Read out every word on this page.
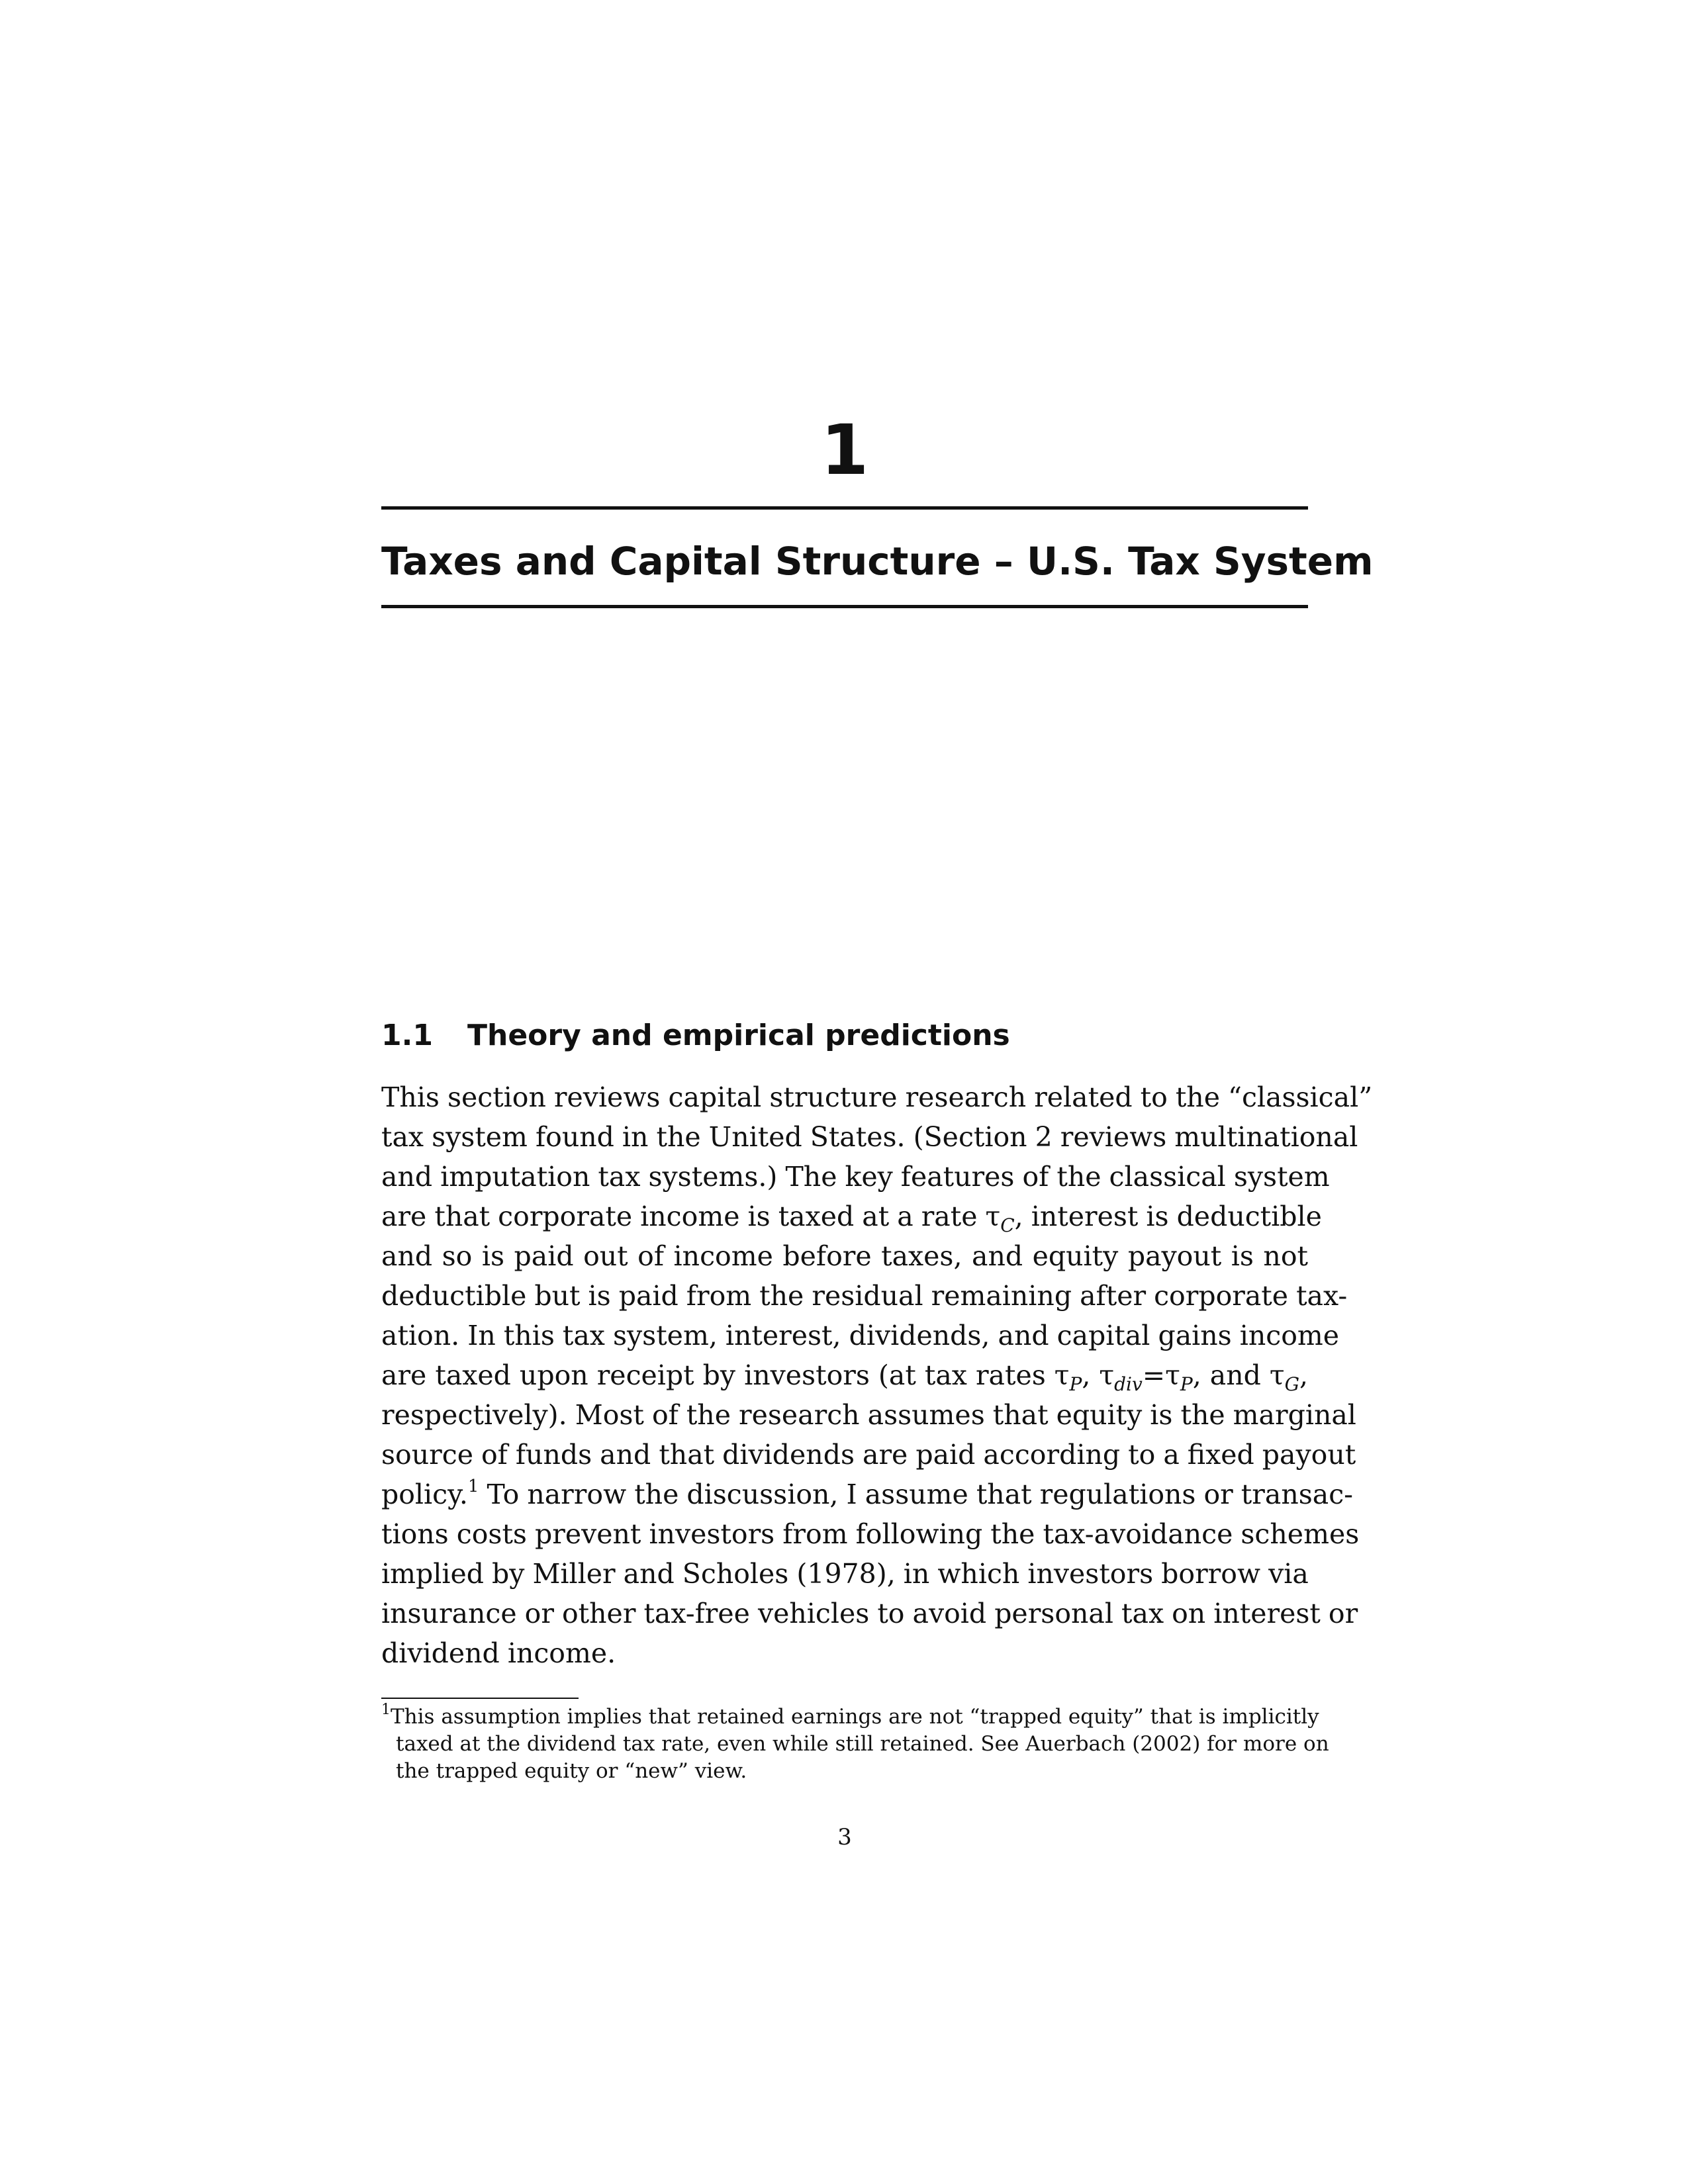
1
Taxes and Capital Structure – U.S. Tax System
1.1 Theory and empirical predictions
This section reviews capital structure research related to the “classical”
tax system found in the United States. (Section 2 reviews multinational
and imputation tax systems.) The key features of the classical system
are that corporate income is taxed at a rate $\tau_C$, interest is deductible
and so is paid out of income before taxes, and equity payout is not
deductible but is paid from the residual remaining after corporate tax-
ation. In this tax system, interest, dividends, and capital gains income
are taxed upon receipt by investors (at tax rates $\tau_P$, $\tau_{div}=\tau_P$, and $\tau_G$,
respectively). Most of the research assumes that equity is the marginal
source of funds and that dividends are paid according to a fixed payout
policy.$^1$ To narrow the discussion, I assume that regulations or transac-
tions costs prevent investors from following the tax-avoidance schemes
implied by Miller and Scholes (1978), in which investors borrow via
insurance or other tax-free vehicles to avoid personal tax on interest or
dividend income.
$^1$This assumption implies that retained earnings are not “trapped equity” that is implicitly
taxed at the dividend tax rate, even while still retained. See Auerbach (2002) for more on
the trapped equity or “new” view.
3
